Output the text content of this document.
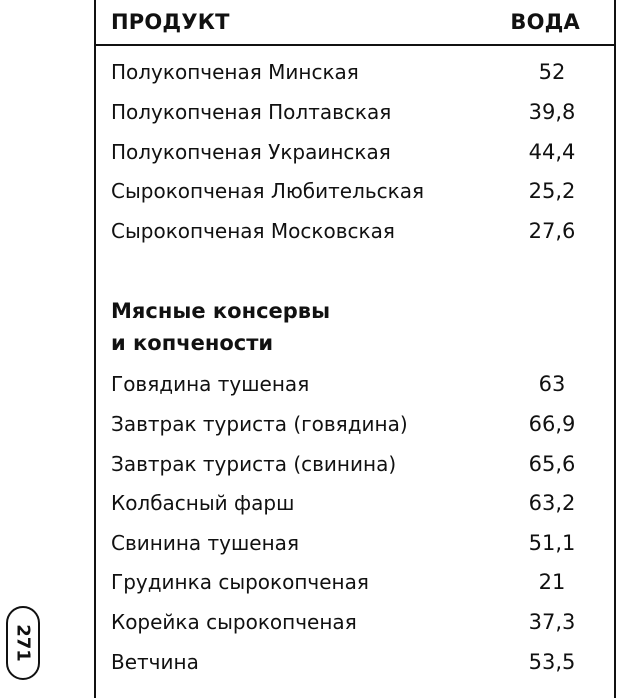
271
ПРОДУКТ	ВОДА
Полукопченая Минская	52
Полукопченая Полтавская	39,8
Полукопченая Украинская	44,4
Сырокопченая Любительская	25,2
Сырокопченая Московская	27,6
Мясные консервы
и копчености
Говядина тушеная	63
Завтрак туриста (говядина)	66,9
Завтрак туриста (свинина)	65,6
Колбасный фарш	63,2
Свинина тушеная	51,1
Грудинка сырокопченая	21
Корейка сырокопченая	37,3
Ветчина	53,5
